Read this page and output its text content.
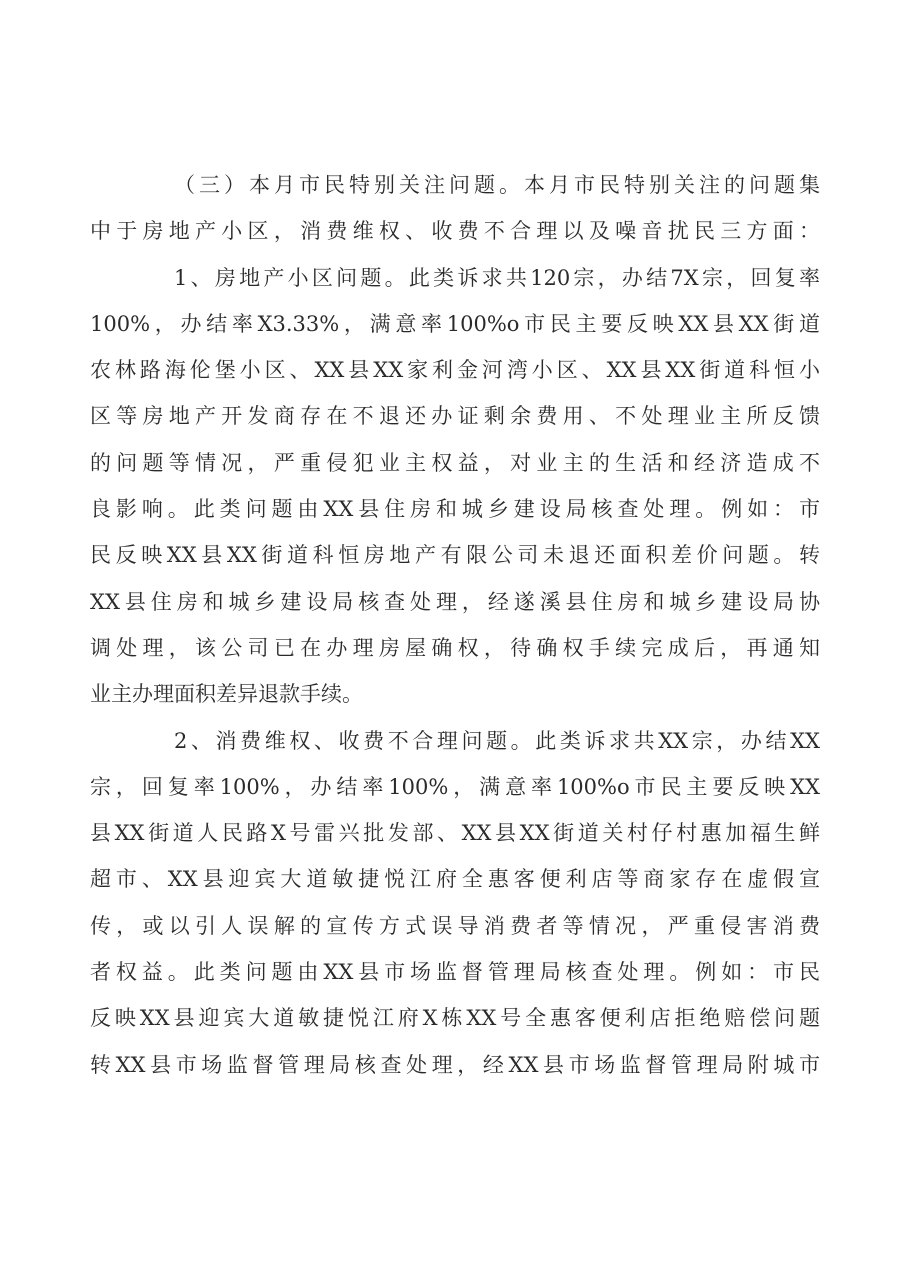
（三）本月市民特别关注问题。本月市民特别关注的问题集
中于房地产小区，消费维权、收费不合理以及噪音扰民三方面：
1、房地产小区问题。此类诉求共120宗，办结7X宗，回复率
100%，办结率X3.33%，满意率100%o市民主要反映XX县XX街道
农林路海伦堡小区、XX县XX家利金河湾小区、XX县XX街道科恒小
区等房地产开发商存在不退还办证剩余费用、不处理业主所反馈
的问题等情况，严重侵犯业主权益，对业主的生活和经济造成不
良影响。此类问题由XX县住房和城乡建设局核查处理。例如：市
民反映XX县XX街道科恒房地产有限公司未退还面积差价问题。转
XX县住房和城乡建设局核查处理，经遂溪县住房和城乡建设局协
调处理，该公司已在办理房屋确权，待确权手续完成后，再通知
业主办理面积差异退款手续。
2、消费维权、收费不合理问题。此类诉求共XX宗，办结XX
宗，回复率100%，办结率100%，满意率100%o市民主要反映XX
县XX街道人民路X号雷兴批发部、XX县XX街道关村仔村惠加福生鲜
超市、XX县迎宾大道敏捷悦江府全惠客便利店等商家存在虚假宣
传，或以引人误解的宣传方式误导消费者等情况，严重侵害消费
者权益。此类问题由XX县市场监督管理局核查处理。例如：市民
反映XX县迎宾大道敏捷悦江府X栋XX号全惠客便利店拒绝赔偿问题
转XX县市场监督管理局核查处理，经XX县市场监督管理局附城市
